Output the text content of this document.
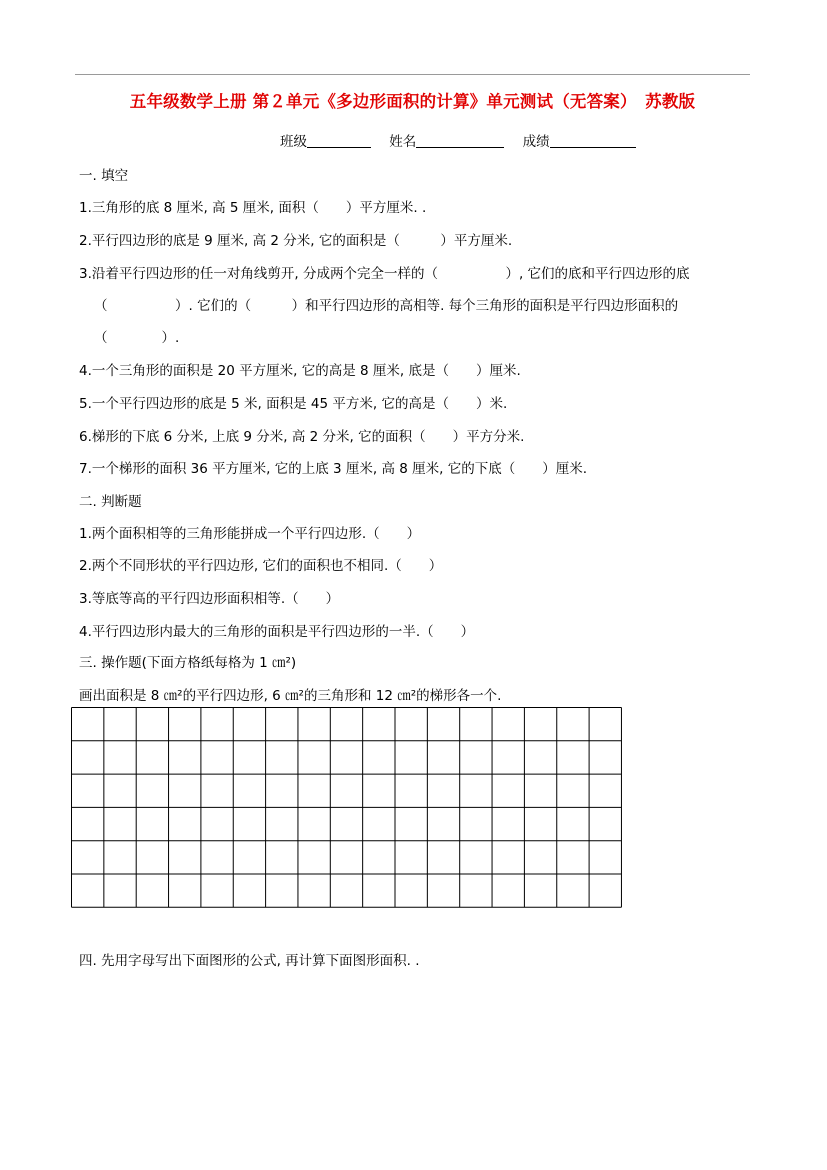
五年级数学上册 第２单元《多边形面积的计算》单元测试（无答案）　苏教版
班级	姓名	成绩
一. 填空
1.三角形的底 8 厘米, 高 5 厘米, 面积（　　）平方厘米. .
2.平行四边形的底是 9 厘米, 高 2 分米, 它的面积是（　　　）平方厘米.
3.沿着平行四边形的任一对角线剪开, 分成两个完全一样的（　　　　　）, 它们的底和平行四边形的底
（　　　　　）. 它们的（　　　）和平行四边形的高相等. 每个三角形的面积是平行四边形面积的
（　　　　）.
4.一个三角形的面积是 20 平方厘米, 它的高是 8 厘米, 底是（　　）厘米.
5.一个平行四边形的底是 5 米, 面积是 45 平方米, 它的高是（　　）米.
6.梯形的下底 6 分米, 上底 9 分米, 高 2 分米, 它的面积（　　）平方分米.
7.一个梯形的面积 36 平方厘米, 它的上底 3 厘米, 高 8 厘米, 它的下底（　　）厘米.
二. 判断题
1.两个面积相等的三角形能拼成一个平行四边形.（　　）
2.两个不同形状的平行四边形, 它们的面积也不相同.（　　）
3.等底等高的平行四边形面积相等.（　　）
4.平行四边形内最大的三角形的面积是平行四边形的一半.（　　）
三. 操作题(下面方格纸每格为 1 ㎝²)
画出面积是 8 ㎝²的平行四边形, 6 ㎝²的三角形和 12 ㎝²的梯形各一个.
四. 先用字母写出下面图形的公式, 再计算下面图形面积. .
